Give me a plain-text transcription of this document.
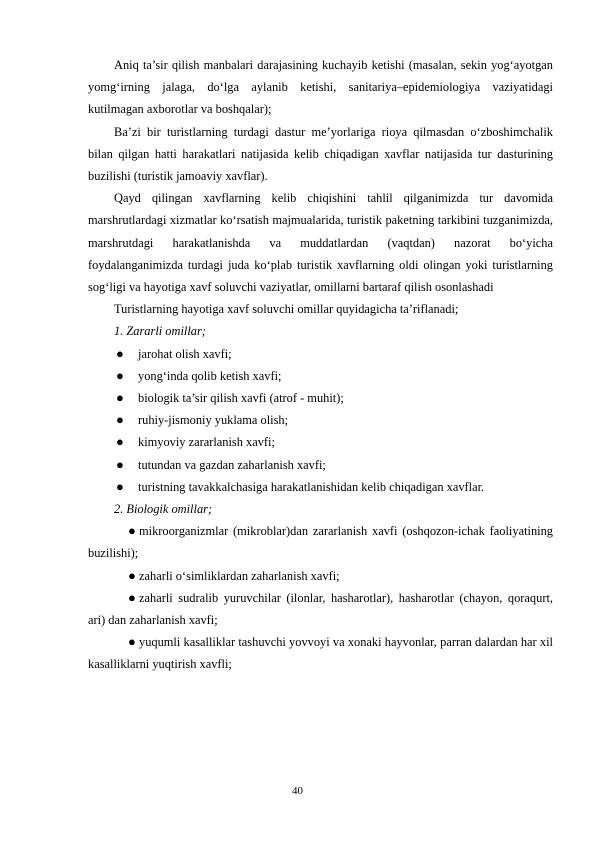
Aniq ta’sir qilish manbalari darajasining kuchayib ketishi (masalan, sekin yog‘ayotgan yomg‘irning jalaga, do‘lga aylanib ketishi, sanitariya–epidemiologiya vaziyatidagi kutilmagan axborotlar va boshqalar);

Ba’zi bir turistlarning turdagi dastur me’yorlariga rioya qilmasdan o‘zboshimchalik bilan qilgan hatti harakatlari natijasida kelib chiqadigan xavflar natijasida tur dasturining buzilishi (turistik jamoaviy xavflar).

Qayd qilingan xavflarning kelib chiqishini tahlil qilganimizda tur davomida marshrutlardagi xizmatlar ko‘rsatish majmualarida, turistik paketning tarkibini tuzganimizda, marshrutdagi harakatlanishda va muddatlardan (vaqtdan) nazorat bo‘yicha foydalanganimizda turdagi juda ko‘plab turistik xavflarning oldi olingan yoki turistlarning sog‘ligi va hayotiga xavf soluvchi vaziyatlar, omillarni bartaraf qilish osonlashadi

Turistlarning hayotiga xavf soluvchi omillar quyidagicha ta’riflanadi;

1. Zararli omillar;

●	jarohat olish xavfi;
●	yong‘inda qolib ketish xavfi;
●	biologik ta’sir qilish xavfi (atrof - muhit);
●	ruhiy-jismoniy yuklama olish;
●	kimyoviy zararlanish xavfi;
●	tutundan va gazdan zaharlanish xavfi;
●	turistning tavakkalchasiga harakatlanishidan kelib chiqadigan xavflar.

2. Biologik omillar;

● mikroorganizmlar (mikroblar)dan zararlanish xavfi (oshqozon-ichak faoliyatining buzilishi);

● zaharli o‘simliklardan zaharlanish xavfi;

● zaharli sudralib yuruvchilar (ilonlar, hasharotlar), hasharotlar (chayon, qoraqurt, ari) dan zaharlanish xavfi;

● yuqumli kasalliklar tashuvchi yovvoyi va xonaki hayvonlar, parran dalardan har xil kasalliklarni yuqtirish xavfli;

40
